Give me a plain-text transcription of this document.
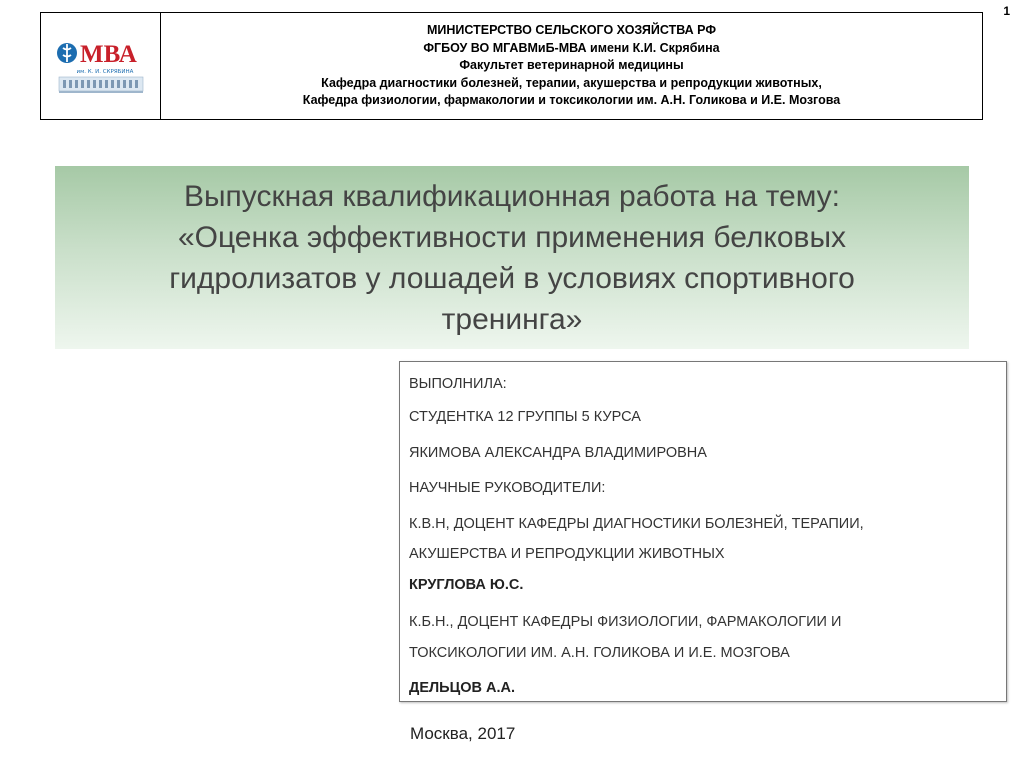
1
МВА
им. К. И. СКРЯБИНА
МИНИСТЕРСТВО СЕЛЬСКОГО ХОЗЯЙСТВА РФ
ФГБОУ ВО МГАВМиБ-МВА имени К.И. Скрябина
Факультет ветеринарной медицины
Кафедра диагностики болезней, терапии, акушерства и репродукции животных,
Кафедра физиологии, фармакологии и токсикологии им. А.Н. Голикова и И.Е. Мозгова
Выпускная квалификационная работа на тему:
«Оценка эффективности применения белковых
гидролизатов у лошадей в условиях спортивного
тренинга»
ВЫПОЛНИЛА:
СТУДЕНТКА 12 ГРУППЫ 5 КУРСА
ЯКИМОВА АЛЕКСАНДРА ВЛАДИМИРОВНА
НАУЧНЫЕ РУКОВОДИТЕЛИ:
К.В.Н, ДОЦЕНТ КАФЕДРЫ ДИАГНОСТИКИ БОЛЕЗНЕЙ, ТЕРАПИИ,
АКУШЕРСТВА И РЕПРОДУКЦИИ ЖИВОТНЫХ
КРУГЛОВА Ю.С.
К.Б.Н., ДОЦЕНТ КАФЕДРЫ ФИЗИОЛОГИИ, ФАРМАКОЛОГИИ И
ТОКСИКОЛОГИИ ИМ. А.Н. ГОЛИКОВА И И.Е. МОЗГОВА
ДЕЛЬЦОВ А.А.
Москва, 2017
